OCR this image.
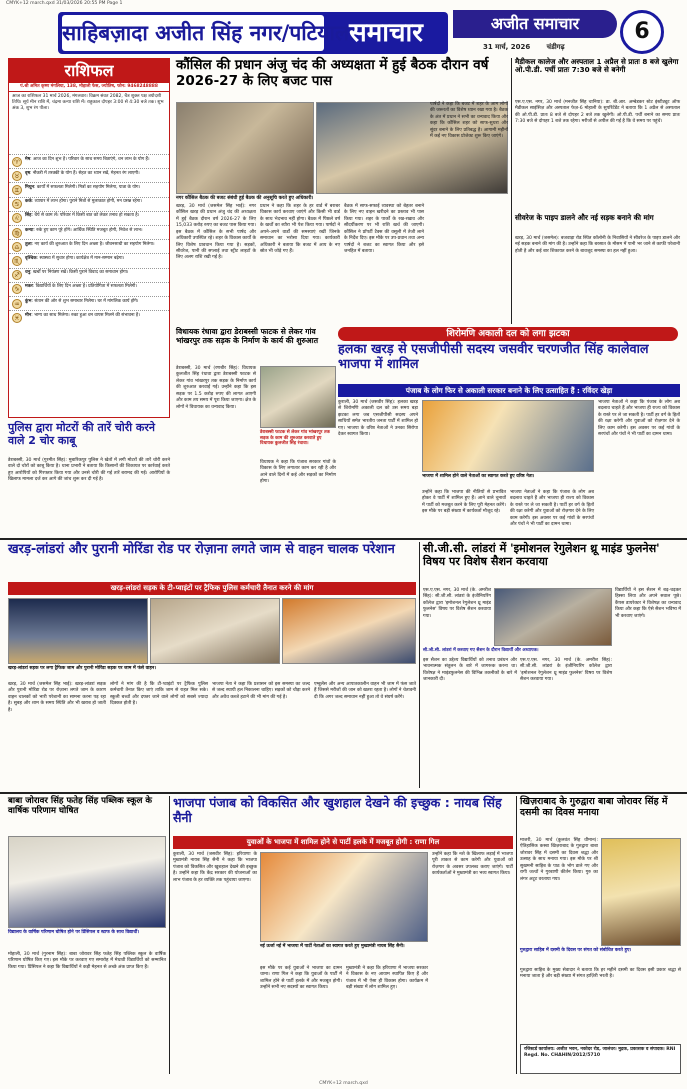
CMYK+12 march.qxd 31/03/2026 20:55 PM Page 1
साहिबज़ादा अजीत सिंह नगर/पटियाला
समाचार	अजीत समाचार
31 मार्च, 2026 चंडीगढ़
6
राशिफल
पं.श्री अमित कृष्ण मंगलिया, 138, मोहाली फेस, ज्योतिष, फोन: 9468248888
आज का राशिफल 31 मार्च 2026, मंगलवार। विक्रम संवत 2082, चैत्र शुक्ल पक्ष त्रयोदशी तिथि। सूर्य मीन राशि में, चंद्रमा कन्या राशि में। राहुकाल दोपहर 3:00 से 4:30 बजे तक। शुभ अंक 3, शुभ रंग पीला।
♈	मेष: आज का दिन शुभ है। परिवार के साथ समय बिताएंगे, धन लाभ के योग हैं।
♉	वृष: नौकरी में तरक्की के योग हैं। सेहत का ध्यान रखें, मेहनत रंग लाएगी।
♊	मिथुन: कार्यों में सफलता मिलेगी। मित्रों का सहयोग मिलेगा, यात्रा के योग।
♋	कर्क: व्यापार में लाभ होगा। पुराने मित्रों से मुलाकात होगी, मन प्रसन्न रहेगा।
♌	सिंह: धैर्य से काम लें। परिवार में किसी बात को लेकर तनाव हो सकता है।
♍	कन्या: रुके हुए काम पूरे होंगे। आर्थिक स्थिति मजबूत होगी, निवेश से लाभ।
♎	तुला: नए कार्य की शुरुआत के लिए दिन अच्छा है। जीवनसाथी का सहयोग मिलेगा।
♏	वृश्चिक: स्वास्थ्य में सुधार होगा। कार्यक्षेत्र में मान-सम्मान बढ़ेगा।
♐	धनु: खर्चों पर नियंत्रण रखें। किसी पुराने विवाद का समाधान होगा।
♑	मकर: विद्यार्थियों के लिए दिन अच्छा है। प्रतियोगिता में सफलता मिलेगी।
♒	कुंभ: संतान की ओर से शुभ समाचार मिलेगा। घर में मांगलिक कार्य होंगे।
♓	मीन: भाग्य का साथ मिलेगा। रुका हुआ धन वापस मिलने की संभावना है।
कौंसिल की प्रधान अंजु चंद की अध्यक्षता में हुई बैठक दौरान वर्ष 2026-27 के लिए बजट पास
नगर कौंसिल बैठक की बजट संबंधी हुई बैठक की अनुसूचि करते हुए अधिकारी।
खरड़, 30 मार्च (जसमेल सिंह भाई): नगर कौंसिल खरड़ की प्रधान अंजु चंद की अध्यक्षता में हुई बैठक दौरान वर्ष 2026-27 के लिए 15,033 करोड़ रुपए का बजट पास किया गया। इस बैठक में कौंसिल के सभी पार्षद और अधिकारी उपस्थित रहे। शहर के विकास कार्यों के लिए विशेष प्रावधान किया गया है। सड़कों, सीवरेज, पानी की सप्लाई तथा स्ट्रीट लाइटों के लिए अलग राशि रखी गई है।
प्रधान ने कहा कि शहर के हर वार्ड में बराबर विकास कार्य करवाए जाएंगे और किसी भी वार्ड के साथ भेदभाव नहीं होगा। बैठक में पिछले वर्ष के खर्चों का ब्यौरा भी पेश किया गया। पार्षदों ने अपने-अपने वार्डों की समस्याएं रखीं जिनके समाधान का भरोसा दिया गया। कार्यकारी अधिकारी ने बताया कि बजट में आय के नए स्रोत भी जोड़े गए हैं।
बैठक में साफ-सफाई व्यवस्था को बेहतर बनाने के लिए नए वाहन खरीदने का प्रस्ताव भी पास किया गया। शहर के पार्कों के रख-रखाव और सौंदर्यीकरण पर भी राशि खर्च की जाएगी। कौंसिल ने प्रॉपर्टी टैक्स की वसूली में तेजी लाने के निर्देश दिए। इस मौके पर उप-प्रधान तथा अन्य पार्षदों ने बजट का स्वागत किया और इसे जनहित में बताया।
पार्षदों ने कहा कि बजट में शहर के आम लोगों की जरूरतों का विशेष ध्यान रखा गया है। बैठक के अंत में प्रधान ने सभी का धन्यवाद किया और कहा कि कौंसिल शहर को साफ-सुथरा और सुंदर बनाने के लिए प्रतिबद्ध है। आगामी महीनों में कई नए विकास प्रोजेक्ट शुरू किए जाएंगे।
मैडीकल कालेज और अस्पताल 1 अप्रैल से प्रातः 8 बजे खुलेगा ओ.पी.डी. पर्ची प्रातः 7:30 बजे से बनेगी
एस.ए.एस. नगर, 30 मार्च (मनजीत सिंह चानिया): डा. बी.आर. अम्बेडकर स्टेट इंस्टीट्यूट ऑफ मैडीकल साइंसिज़ और अस्पताल फेज़-6 मोहाली के सुपरिंटेंडेंट ने बताया कि 1 अप्रैल से अस्पताल की ओ.पी.डी. प्रातः 8 बजे से दोपहर 2 बजे तक खुलेगी। ओ.पी.डी. पर्ची बनाने का समय प्रातः 7:30 बजे से दोपहर 1 बजे तक रहेगा। मरीजों से अपील की गई है कि वे समय पर पहुंचें।
सीवरेज के पाइप डालने और नई सड़क बनाने की मांग
खरड़, 30 मार्च (जसमेल): बजवाड़ा रोड स्थित कॉलोनी के निवासियों ने सीवरेज के पाइप डालने और नई सड़क बनाने की मांग की है। उन्होंने कहा कि बरसात के मौसम में पानी भर जाने से काफी परेशानी होती है और कई बार शिकायत करने के बावजूद समस्या का हल नहीं हुआ।
विधायक रंधावा द्वारा डेराबस्सी फाटक से लेकर गांव भांखरपुर तक सड़क के निर्माण के कार्य की शुरुआत
डेराबस्सी, 30 मार्च (रणबीर सिंह): विधायक कुलजीत सिंह रंधावा द्वारा डेराबस्सी फाटक से लेकर गांव भांखरपुर तक सड़क के निर्माण कार्य की शुरुआत करवाई गई। उन्होंने कहा कि इस सड़क पर 1.5 करोड़ रुपए की लागत आएगी और काम तय समय में पूरा किया जाएगा। क्षेत्र के लोगों ने विधायक का धन्यवाद किया।
डेराबस्सी फाटक से लेकर गांव भांखरपुर तक सड़क के काम की शुरुआत करवाते हुए विधायक कुलजीत सिंह रंधावा।
विधायक ने कहा कि पंजाब सरकार गांवों के विकास के लिए लगातार काम कर रही है और आने वाले दिनों में कई और सड़कों का निर्माण होगा।
शिरोमणि अकाली दल को लगा झटका
हलका खरड़ से एसजीपीसी सदस्य जसवीर चरणजीत सिंह कालेवाल भाजपा में शामिल
पंजाब के लोग फिर से अकाली सरकार बनाने के लिए उत्साहित हैं : रविंदर खेड़ा
कुराली, 30 मार्च (जसवीर सिंह): हलका खरड़ से शिरोमणि अकाली दल को उस समय बड़ा झटका लगा जब एसजीपीसी सदस्य अपने साथियों समेत भारतीय जनता पार्टी में शामिल हो गए। भाजपा के वरिष्ठ नेताओं ने उनका सिरोपा देकर स्वागत किया।
भाजपा में शामिल होने वाले नेताओं का स्वागत करते हुए वरिष्ठ नेता।
उन्होंने कहा कि भाजपा की नीतियों से प्रभावित होकर वे पार्टी में शामिल हुए हैं। आने वाले चुनावों में पार्टी को मजबूत करने के लिए पूरी मेहनत करेंगे। इस मौके पर बड़ी संख्या में कार्यकर्ता मौजूद रहे।
भाजपा नेताओं ने कहा कि पंजाब के लोग अब बदलाव चाहते हैं और भाजपा ही राज्य को विकास के रास्ते पर ले जा सकती है। पार्टी हर वर्ग के हितों की रक्षा करेगी और युवाओं को रोज़गार देने के लिए काम करेगी। इस अवसर पर कई गांवों के सरपंचों और पंचों ने भी पार्टी का दामन थामा।
भाजपा नेताओं ने कहा कि पंजाब के लोग अब बदलाव चाहते हैं और भाजपा ही राज्य को विकास के रास्ते पर ले जा सकती है। पार्टी हर वर्ग के हितों की रक्षा करेगी और युवाओं को रोज़गार देने के लिए काम करेगी। इस अवसर पर कई गांवों के सरपंचों और पंचों ने भी पार्टी का दामन थामा।
पुलिस द्वारा मोटरों की तारें चोरी करने वाले 2 चोर काबू
डेराबस्सी, 30 मार्च (गुरमीत सिंह): मुबारिकपुर पुलिस ने खेतों में लगी मोटरों की तारें चोरी करने वाले दो चोरों को काबू किया है। थाना प्रभारी ने बताया कि किसानों की शिकायत पर कार्रवाई करते हुए आरोपियों को गिरफ्तार किया गया और उनसे चोरी की गई तारें बरामद की गईं। आरोपियों के खिलाफ मामला दर्ज कर आगे की जांच शुरू कर दी गई है।
खरड़-लांडरां और पुरानी मोरिंडा रोड पर रोज़ाना लगते जाम से वाहन चालक परेशान
खरड़-लांडरां सड़क के टी-प्वाइंटों पर ट्रैफिक पुलिस कर्मचारी तैनात करने की मांग
खरड़-लांडरां सड़क पर लगा ट्रैफिक जाम और पुरानी मोरिंडा सड़क पर जाम में फंसे वाहन।
खरड़, 30 मार्च (जसमेल सिंह भाई): खरड़-लांडरां सड़क और पुरानी मोरिंडा रोड पर रोज़ाना लगते जाम के कारण वाहन चालकों को भारी परेशानी का सामना करना पड़ रहा है। सुबह और शाम के समय स्थिति और भी खराब हो जाती है।
लोगों ने मांग की है कि टी-प्वाइंटों पर ट्रैफिक पुलिस कर्मचारी तैनात किए जाएं ताकि जाम से राहत मिल सके। स्कूली बच्चों और दफ्तर जाने वाले लोगों को सबसे ज्यादा दिक्कत होती है।
भाजपा नेता ने कहा कि प्रशासन को इस समस्या का जल्द से जल्द स्थायी हल निकालना चाहिए। सड़कों को चौड़ा करने और अवैध कब्जे हटाने की भी मांग की गई है।
एम्बुलेंस और अन्य आपातकालीन वाहन भी जाम में फंस जाते हैं जिससे मरीजों की जान को खतरा रहता है। लोगों ने चेतावनी दी कि अगर जल्द समाधान नहीं हुआ तो वे संघर्ष करेंगे।
सी.जी.सी. लांडरां में 'इमोशनल रेगुलेशन थ्रू माइंड फुलनेस' विषय पर विशेष सैशन करवाया
एस.ए.एस. नगर, 30 मार्च (के. अमरीश सिंह): सी.जी.सी. लांडरां के इंजीनियरिंग कॉलेज द्वारा 'इमोशनल रेगुलेशन थ्रू माइंड फुलनेस' विषय पर विशेष सैशन करवाया गया।
विद्यार्थियों ने इस सैशन में बढ़-चढ़कर हिस्सा लिया और अपने सवाल पूछे। कैंपस डायरेक्टर ने विशेषज्ञ का धन्यवाद किया और कहा कि ऐसे सैशन भविष्य में भी करवाए जाएंगे।
सी.जी.सी. लांडरां में करवाए गए सैशन के दौरान विद्यार्थी और अध्यापक।
इस सैशन का उद्देश्य विद्यार्थियों को तनाव प्रबंधन और भावनात्मक संतुलन के बारे में जागरूक करना था। विशेषज्ञ ने माइंडफुलनेस की विभिन्न तकनीकों के बारे में जानकारी दी।
एस.ए.एस. नगर, 30 मार्च (के. अमरीश सिंह): सी.जी.सी. लांडरां के इंजीनियरिंग कॉलेज द्वारा 'इमोशनल रेगुलेशन थ्रू माइंड फुलनेस' विषय पर विशेष सैशन करवाया गया।
बाबा जोरावर सिंह फतेह सिंह पब्लिक स्कूल के वार्षिक परिणाम घोषित
विद्यालय के वार्षिक परिणाम घोषित होने पर प्रिंसिपल व स्टाफ के साथ विद्यार्थी।
मोहाली, 30 मार्च (गुरनाम सिंह): बाबा जोरावर सिंह फतेह सिंह पब्लिक स्कूल के वार्षिक परिणाम घोषित किए गए। इस मौके पर करवाए गए समारोह में मेधावी विद्यार्थियों को सम्मानित किया गया। प्रिंसिपल ने कहा कि विद्यार्थियों ने कड़ी मेहनत से अच्छे अंक प्राप्त किए हैं।
भाजपा पंजाब को विकसित और खुशहाल देखने की इच्छुक : नायब सिंह सैनी
युवाओं के भाजपा में शामिल होने से पार्टी हलके में मजबूत होगी : राणा गिल
कुराली, 30 मार्च (जसवीर सिंह): हरियाणा के मुख्यमंत्री नायब सिंह सैनी ने कहा कि भाजपा पंजाब को विकसित और खुशहाल देखने की इच्छुक है। उन्होंने कहा कि केंद्र सरकार की योजनाओं का लाभ पंजाब के हर व्यक्ति तक पहुंचाया जाएगा।
नई ऊर्जा नई में भाजपा में पार्टी नेताओं का स्वागत करते हुए मुख्यमंत्री नायब सिंह सैनी।
इस मौके पर कई युवाओं ने भाजपा का दामन थामा। राणा गिल ने कहा कि युवाओं के पार्टी में शामिल होने से पार्टी हलके में और मजबूत होगी। उन्होंने सभी नए सदस्यों का स्वागत किया।
मुख्यमंत्री ने कहा कि हरियाणा में भाजपा सरकार ने विकास के नए आयाम स्थापित किए हैं और पंजाब में भी ऐसा ही विकास होगा। कार्यक्रम में बड़ी संख्या में लोग शामिल हुए।
उन्होंने कहा कि नशे के खिलाफ लड़ाई में भाजपा पूरी ताकत से काम करेगी और युवाओं को रोज़गार के अवसर उपलब्ध कराए जाएंगे। पार्टी कार्यकर्ताओं ने मुख्यमंत्री का भव्य स्वागत किया।
खिज़राबाद के गुरुद्वारा बाबा जोरावर सिंह में दसमी का दिवस मनाया
माजरी, 30 मार्च (कुलवंत सिंह धीमान): ऐतिहासिक कस्बा खिज़राबाद के गुरुद्वारा बाबा जोरावर सिंह में दसमी का दिवस श्रद्धा और उत्साह के साथ मनाया गया। इस मौके पर श्री सुखमनी साहिब के पाठ के भोग डाले गए और रागी जत्थों ने गुरबाणी कीर्तन किया। गुरु का लंगर अटूट वरताया गया।
गुरुद्वारा साहिब में दसमी के दिवस पर संगत को संबोधित करते हुए।
गुरुद्वारा साहिब के मुख्य सेवादार ने बताया कि हर महीने दसमी का दिवस इसी प्रकार श्रद्धा से मनाया जाता है और बड़ी संख्या में संगत हाज़िरी भरती है।
रजिस्टर्ड कार्यालय: अजीत भवन, नकोदर रोड, जालंधर। मुद्रक, प्रकाशक व संपादक। RNI Regd. No. CHAHIN/2012/5710
CMYK+12 march.qxd
